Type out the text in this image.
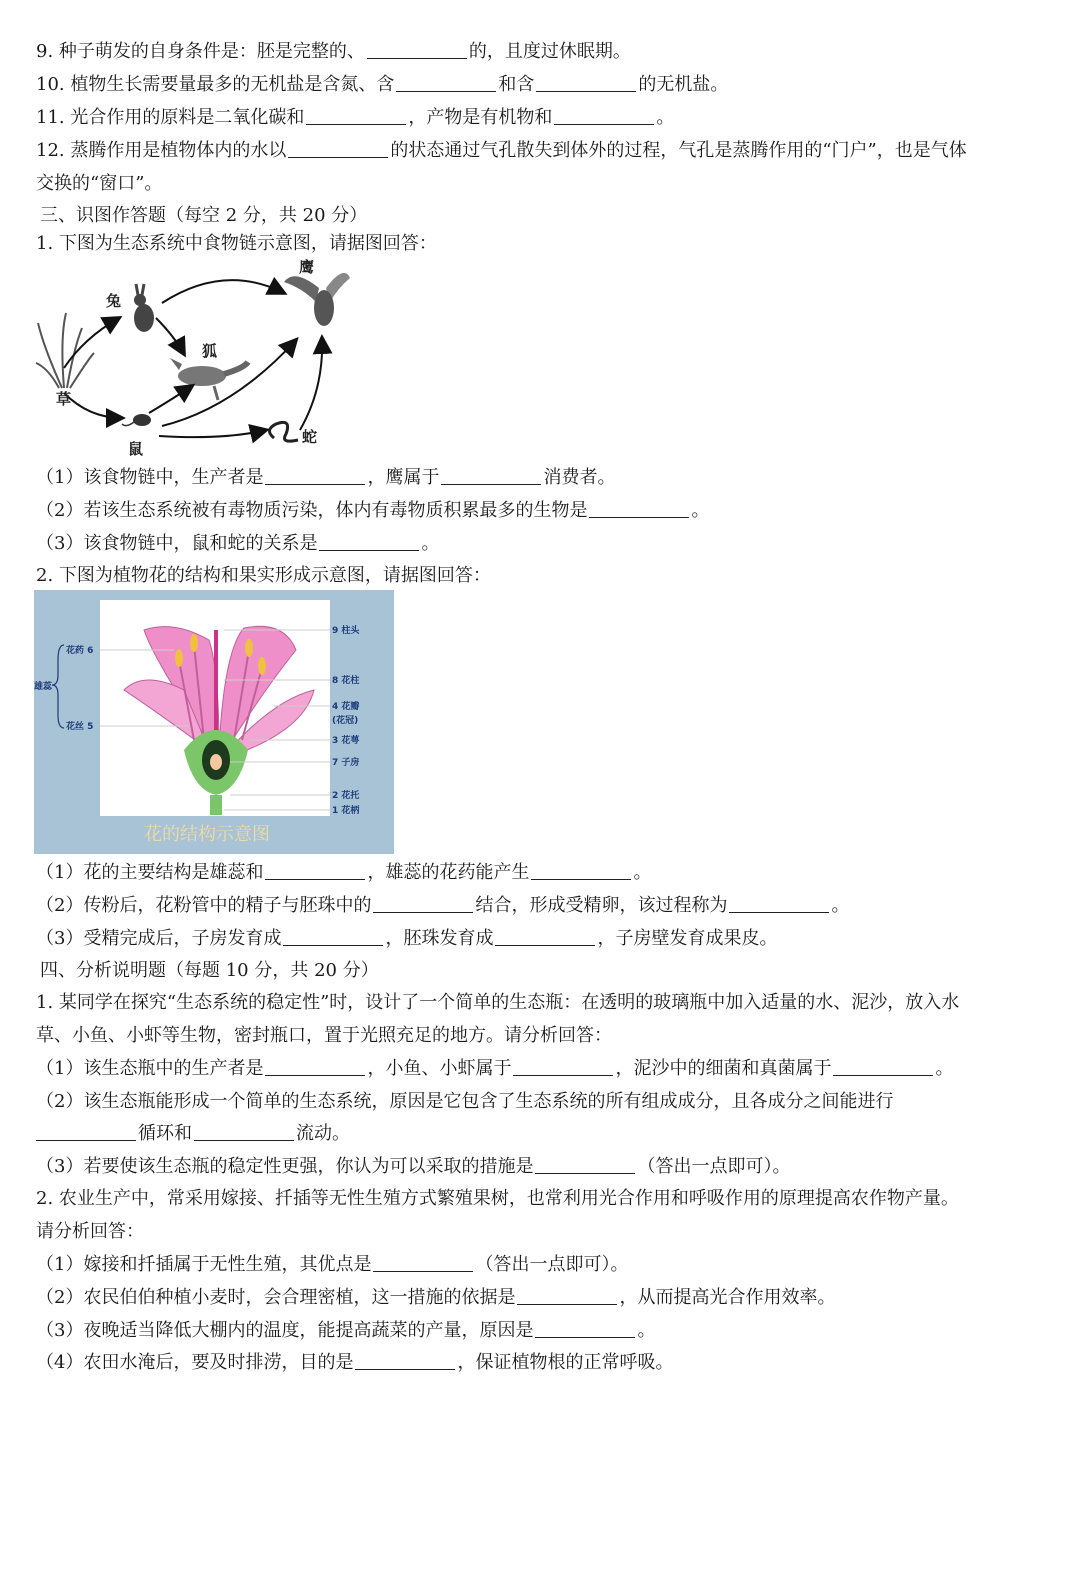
9. 种子萌发的自身条件是：胚是完整的、	的，且度过休眠期。
10. 植物生长需要量最多的无机盐是含氮、含	和含	的无机盐。
11. 光合作用的原料是二氧化碳和	，产物是有机物和	。
12. 蒸腾作用是植物体内的水以	的状态通过气孔散失到体外的过程，气孔是蒸腾作用的“门户”，也是气体
交换的“窗口”。
三、识图作答题（每空 2 分，共 20 分）
1. 下图为生态系统中食物链示意图，请据图回答：
兔
狐
鹰
草
鼠
蛇
（1）该食物链中，生产者是	，鹰属于	消费者。
（2）若该生态系统被有毒物质污染，体内有毒物质积累最多的生物是	。
（3）该食物链中，鼠和蛇的关系是	。
2. 下图为植物花的结构和果实形成示意图，请据图回答：
花药 6
雄蕊
花丝 5
9 柱头
8 花柱
4 花瓣
(花冠)
3 花萼
7 子房
2 花托
1 花柄
花的结构示意图
（1）花的主要结构是雄蕊和	，雄蕊的花药能产生	。
（2）传粉后，花粉管中的精子与胚珠中的	结合，形成受精卵，该过程称为	。
（3）受精完成后，子房发育成	，胚珠发育成	，子房壁发育成果皮。
四、分析说明题（每题 10 分，共 20 分）
1. 某同学在探究“生态系统的稳定性”时，设计了一个简单的生态瓶：在透明的玻璃瓶中加入适量的水、泥沙，放入水
草、小鱼、小虾等生物，密封瓶口，置于光照充足的地方。请分析回答：
（1）该生态瓶中的生产者是	，小鱼、小虾属于	，泥沙中的细菌和真菌属于	。
（2）该生态瓶能形成一个简单的生态系统，原因是它包含了生态系统的所有组成成分，且各成分之间能进行
循环和	流动。
（3）若要使该生态瓶的稳定性更强，你认为可以采取的措施是	（答出一点即可）。
2. 农业生产中，常采用嫁接、扦插等无性生殖方式繁殖果树，也常利用光合作用和呼吸作用的原理提高农作物产量。
请分析回答：
（1）嫁接和扦插属于无性生殖，其优点是	（答出一点即可）。
（2）农民伯伯种植小麦时，会合理密植，这一措施的依据是	，从而提高光合作用效率。
（3）夜晚适当降低大棚内的温度，能提高蔬菜的产量，原因是	。
（4）农田水淹后，要及时排涝，目的是	，保证植物根的正常呼吸。
